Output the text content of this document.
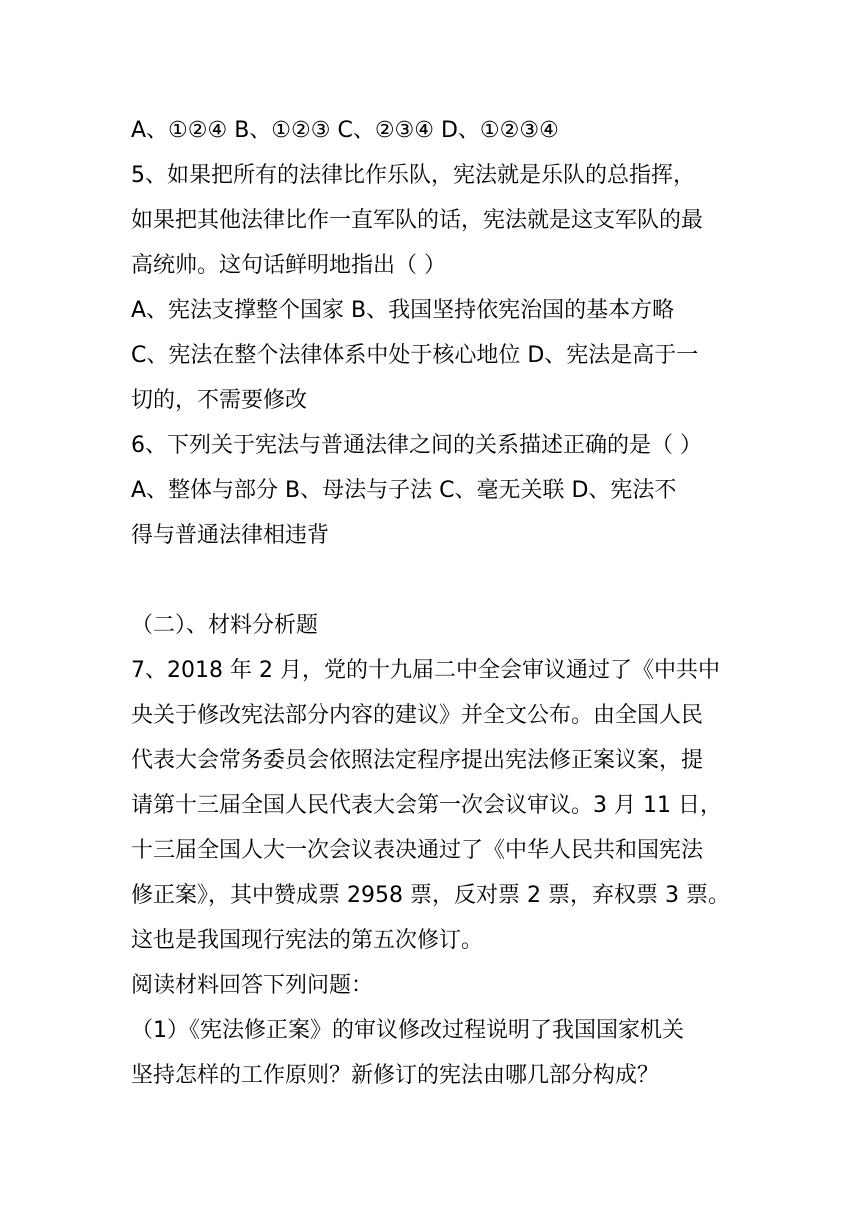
A、①②④ B、①②③ C、②③④ D、①②③④
5、如果把所有的法律比作乐队，宪法就是乐队的总指挥，
如果把其他法律比作一直军队的话，宪法就是这支军队的最
高统帅。这句话鲜明地指出（ ）
A、宪法支撑整个国家 B、我国坚持依宪治国的基本方略
C、宪法在整个法律体系中处于核心地位 D、宪法是高于一
切的，不需要修改
6、下列关于宪法与普通法律之间的关系描述正确的是（ ）
A、整体与部分 B、母法与子法 C、毫无关联 D、宪法不
得与普通法律相违背
（二）、材料分析题
7、2018 年 2 月，党的十九届二中全会审议通过了《中共中
央关于修改宪法部分内容的建议》并全文公布。由全国人民
代表大会常务委员会依照法定程序提出宪法修正案议案，提
请第十三届全国人民代表大会第一次会议审议。3 月 11 日，
十三届全国人大一次会议表决通过了《中华人民共和国宪法
修正案》，其中赞成票 2958 票，反对票 2 票，弃权票 3 票。
这也是我国现行宪法的第五次修订。
阅读材料回答下列问题：
（1）《宪法修正案》的审议修改过程说明了我国国家机关
坚持怎样的工作原则？新修订的宪法由哪几部分构成？
